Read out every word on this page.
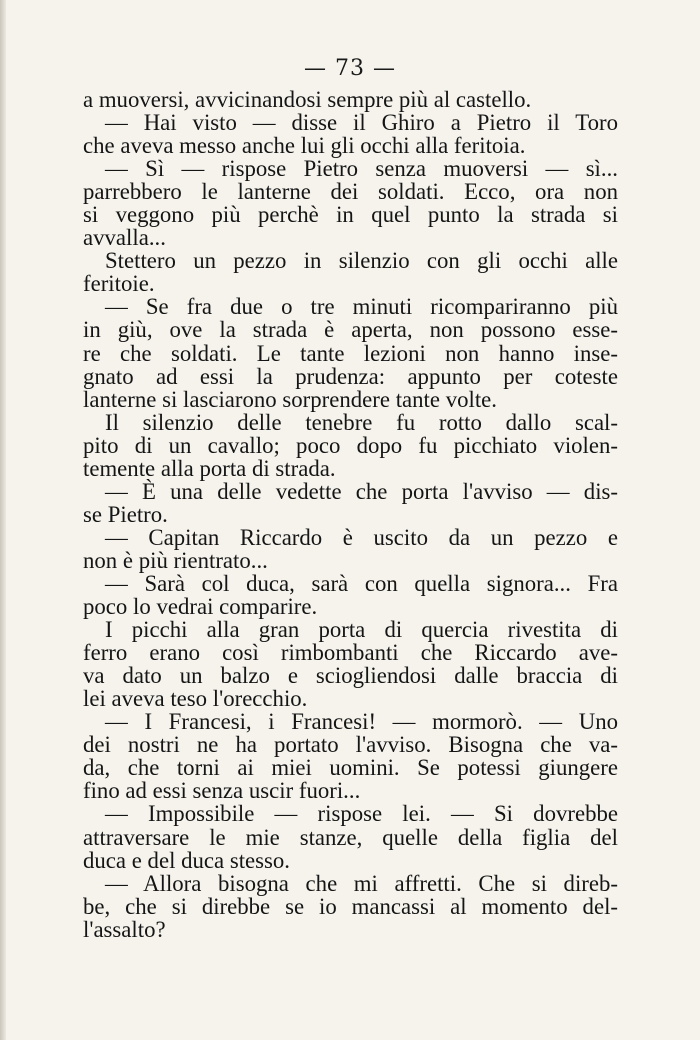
— 73 —
a muoversi, avvicinandosi sempre più al castello.
— Hai visto — disse il Ghiro a Pietro il Toro
che aveva messo anche lui gli occhi alla feritoia.
— Sì — rispose Pietro senza muoversi — sì...
parrebbero le lanterne dei soldati. Ecco, ora non
si veggono più perchè in quel punto la strada si
avvalla...
Stettero un pezzo in silenzio con gli occhi alle
feritoie.
— Se fra due o tre minuti ricompariranno più
in giù, ove la strada è aperta, non possono esse-
re che soldati. Le tante lezioni non hanno inse-
gnato ad essi la prudenza: appunto per coteste
lanterne si lasciarono sorprendere tante volte.
Il silenzio delle tenebre fu rotto dallo scal-
pito di un cavallo; poco dopo fu picchiato violen-
temente alla porta di strada.
— È una delle vedette che porta l'avviso — dis-
se Pietro.
— Capitan Riccardo è uscito da un pezzo e
non è più rientrato...
— Sarà col duca, sarà con quella signora... Fra
poco lo vedrai comparire.
I picchi alla gran porta di quercia rivestita di
ferro erano così rimbombanti che Riccardo ave-
va dato un balzo e sciogliendosi dalle braccia di
lei aveva teso l'orecchio.
— I Francesi, i Francesi! — mormorò. — Uno
dei nostri ne ha portato l'avviso. Bisogna che va-
da, che torni ai miei uomini. Se potessi giungere
fino ad essi senza uscir fuori...
— Impossibile — rispose lei. — Si dovrebbe
attraversare le mie stanze, quelle della figlia del
duca e del duca stesso.
— Allora bisogna che mi affretti. Che si direb-
be, che si direbbe se io mancassi al momento del-
l'assalto?
